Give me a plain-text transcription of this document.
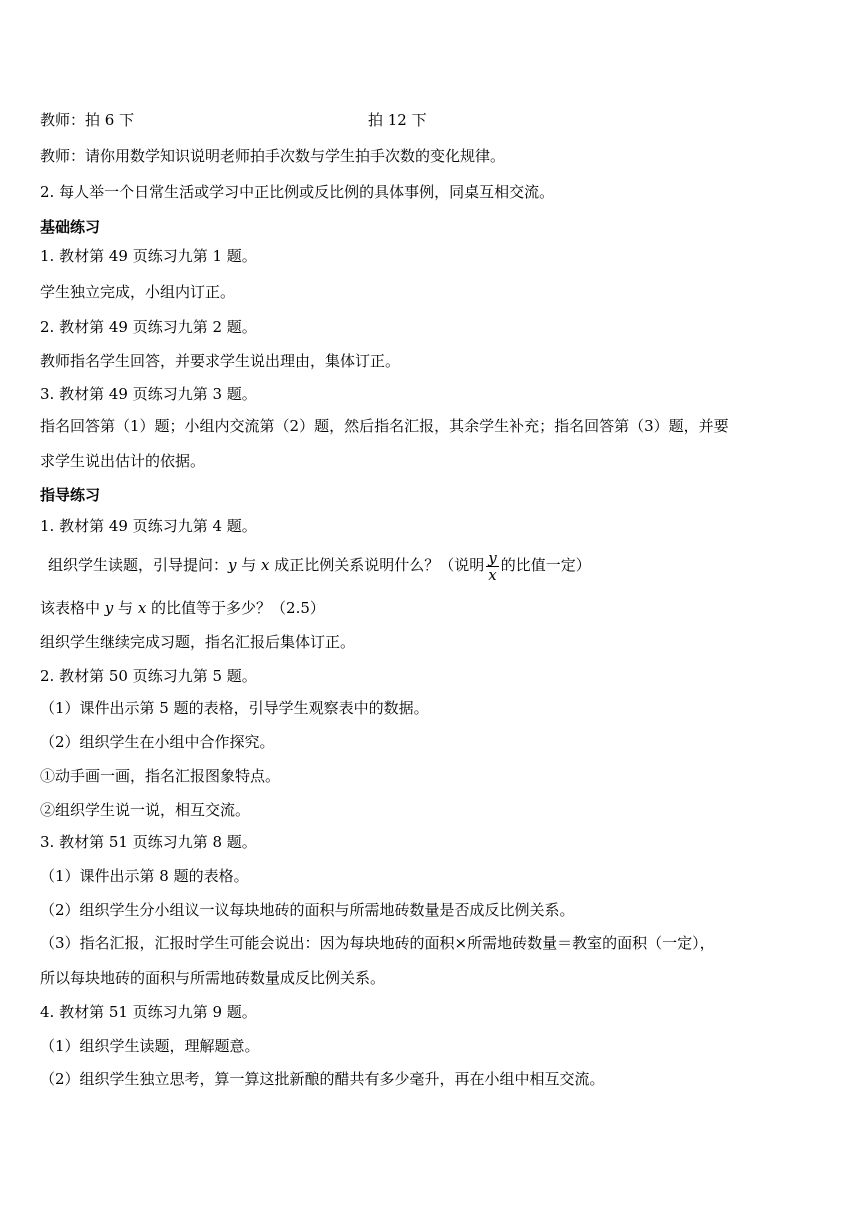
教师：拍 6 下	拍 12 下
教师：请你用数学知识说明老师拍手次数与学生拍手次数的变化规律。
2. 每人举一个日常生活或学习中正比例或反比例的具体事例，同桌互相交流。
基础练习
1. 教材第 49 页练习九第 1 题。
学生独立完成，小组内订正。
2. 教材第 49 页练习九第 2 题。
教师指名学生回答，并要求学生说出理由，集体订正。
3. 教材第 49 页练习九第 3 题。
指名回答第（1）题；小组内交流第（2）题，然后指名汇报，其余学生补充；指名回答第（3）题，并要
求学生说出估计的依据。
指导练习
1. 教材第 49 页练习九第 4 题。
组织学生读题，引导提问：y 与 x 成正比例关系说明什么？（说明 $\frac{y}{x}$ 的比值一定）
该表格中 y 与 x 的比值等于多少？（2.5）
组织学生继续完成习题，指名汇报后集体订正。
2. 教材第 50 页练习九第 5 题。
（1）课件出示第 5 题的表格，引导学生观察表中的数据。
（2）组织学生在小组中合作探究。
①动手画一画，指名汇报图象特点。
②组织学生说一说，相互交流。
3. 教材第 51 页练习九第 8 题。
（1）课件出示第 8 题的表格。
（2）组织学生分小组议一议每块地砖的面积与所需地砖数量是否成反比例关系。
（3）指名汇报，汇报时学生可能会说出：因为每块地砖的面积×所需地砖数量＝教室的面积（一定），
所以每块地砖的面积与所需地砖数量成反比例关系。
4. 教材第 51 页练习九第 9 题。
（1）组织学生读题，理解题意。
（2）组织学生独立思考，算一算这批新酿的醋共有多少毫升，再在小组中相互交流。
